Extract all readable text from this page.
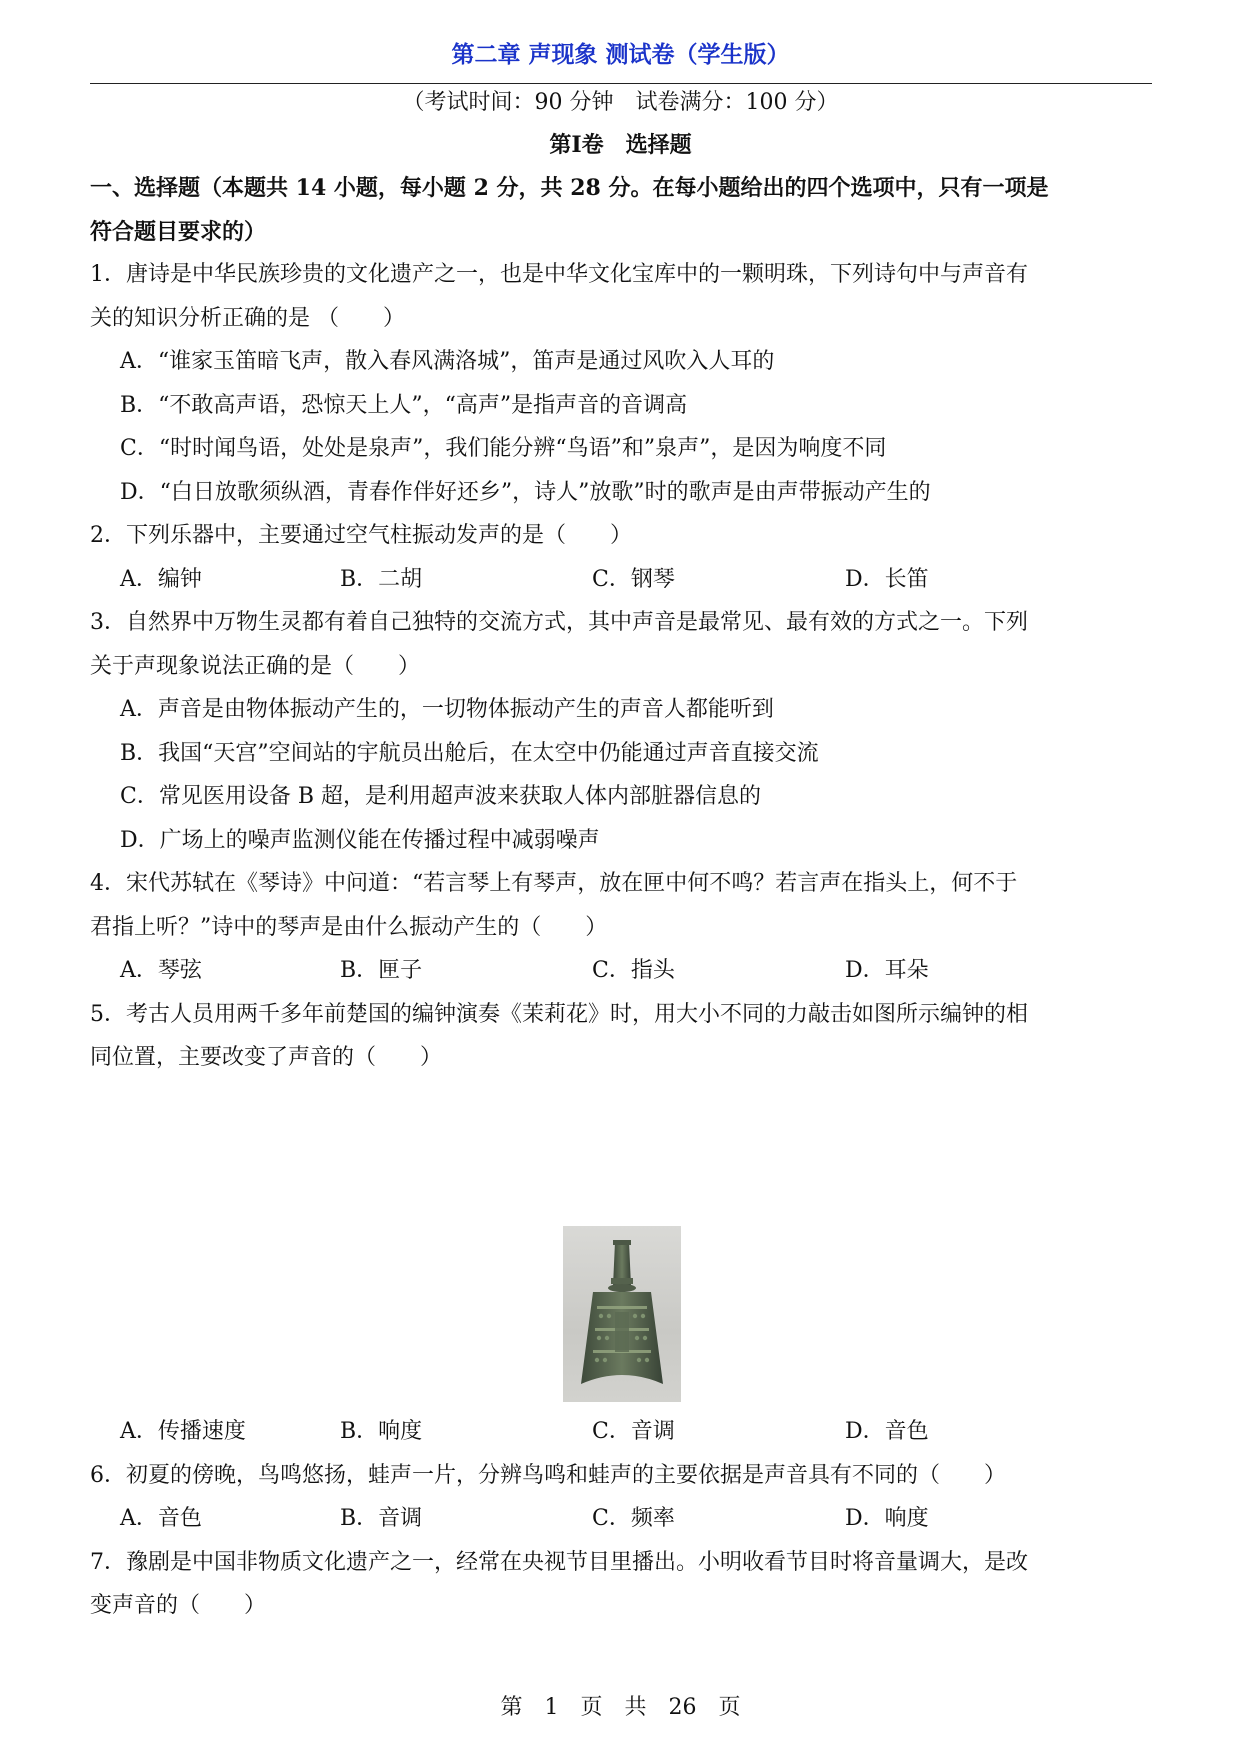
第二章 声现象 测试卷（学生版）
（考试时间：90 分钟　试卷满分：100 分）
第Ⅰ卷　选择题
一、选择题（本题共 14 小题，每小题 2 分，共 28 分。在每小题给出的四个选项中，只有一项是
符合题目要求的）
1．唐诗是中华民族珍贵的文化遗产之一，也是中华文化宝库中的一颗明珠，下列诗句中与声音有
关的知识分析正确的是 （　　）
A．“谁家玉笛暗飞声，散入春风满洛城”，笛声是通过风吹入人耳的
B．“不敢高声语，恐惊天上人”，“高声”是指声音的音调高
C．“时时闻鸟语，处处是泉声”，我们能分辨“鸟语”和”泉声”，是因为响度不同
D．“白日放歌须纵酒，青春作伴好还乡”，诗人”放歌”时的歌声是由声带振动产生的
2．下列乐器中，主要通过空气柱振动发声的是（　　）
A．编钟	B．二胡	C．钢琴	D．长笛
3．自然界中万物生灵都有着自己独特的交流方式，其中声音是最常见、最有效的方式之一。下列
关于声现象说法正确的是（　　）
A．声音是由物体振动产生的，一切物体振动产生的声音人都能听到
B．我国“天宫”空间站的宇航员出舱后，在太空中仍能通过声音直接交流
C．常见医用设备 B 超，是利用超声波来获取人体内部脏器信息的
D．广场上的噪声监测仪能在传播过程中减弱噪声
4．宋代苏轼在《琴诗》中问道：“若言琴上有琴声，放在匣中何不鸣？若言声在指头上，何不于
君指上听？”诗中的琴声是由什么振动产生的（　　）
A．琴弦	B．匣子	C．指头	D．耳朵
5．考古人员用两千多年前楚国的编钟演奏《茉莉花》时，用大小不同的力敲击如图所示编钟的相
同位置，主要改变了声音的（　　）
A．传播速度	B．响度	C．音调	D．音色
6．初夏的傍晚，鸟鸣悠扬，蛙声一片，分辨鸟鸣和蛙声的主要依据是声音具有不同的（　　）
A．音色	B．音调	C．频率	D．响度
7．豫剧是中国非物质文化遗产之一，经常在央视节目里播出。小明收看节目时将音量调大，是改
变声音的（　　）
第　1　页　共　26　页
